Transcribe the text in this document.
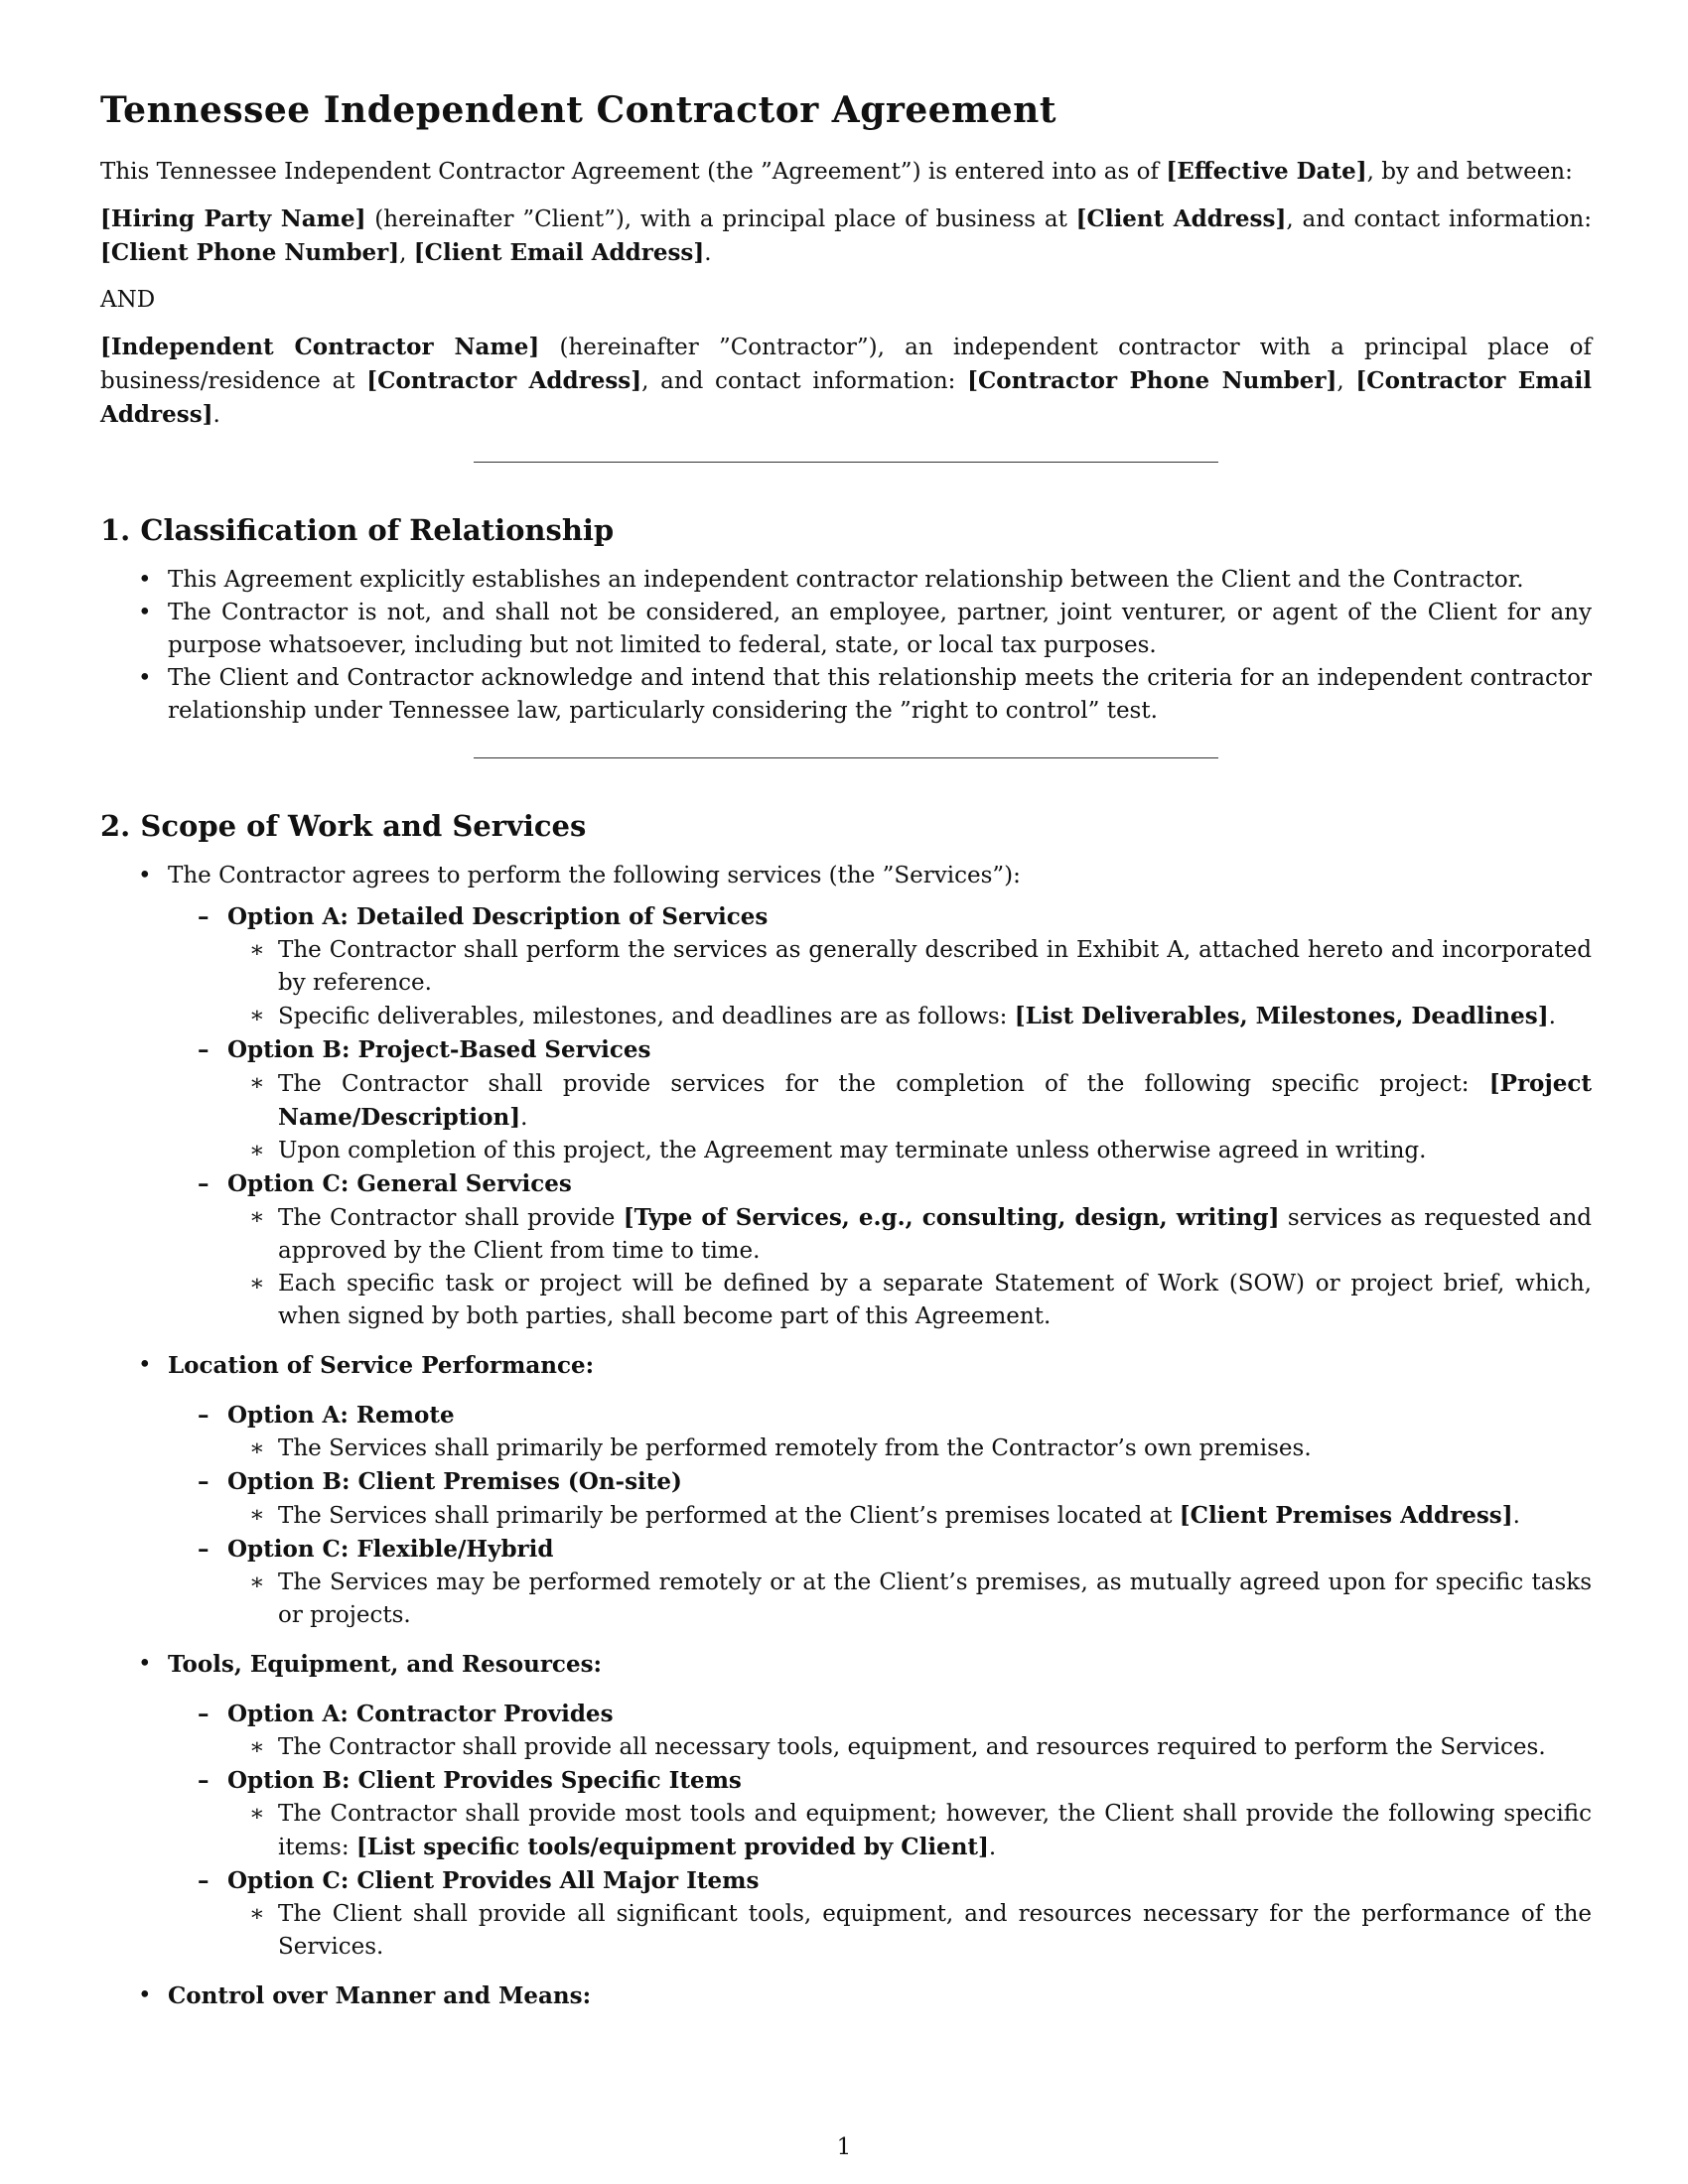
Tennessee Independent Contractor Agreement

This Tennessee Independent Contractor Agreement (the ”Agreement”) is entered into as of [Effective Date], by and between:

[Hiring Party Name] (hereinafter ”Client”), with a principal place of business at [Client Address], and contact information: [Client Phone Number], [Client Email Address].

AND

[Independent Contractor Name] (hereinafter ”Contractor”), an independent contractor with a principal place of business/residence at [Contractor Address], and contact information: [Contractor Phone Number], [Contractor Email Address].

1. Classification of Relationship
• This Agreement explicitly establishes an independent contractor relationship between the Client and the Contractor.
• The Contractor is not, and shall not be considered, an employee, partner, joint venturer, or agent of the Client for any purpose whatsoever, including but not limited to federal, state, or local tax purposes.
• The Client and Contractor acknowledge and intend that this relationship meets the criteria for an independent contractor relationship under Tennessee law, particularly considering the ”right to control” test.
2. Scope of Work and Services
• The Contractor agrees to perform the following services (the ”Services”):
– Option A: Detailed Description of Services
∗ The Contractor shall perform the services as generally described in Exhibit A, attached hereto and incorporated by reference.
∗ Specific deliverables, milestones, and deadlines are as follows: [List Deliverables, Milestones, Deadlines].
– Option B: Project-Based Services
∗ The Contractor shall provide services for the completion of the following specific project: [Project Name/Description].
∗ Upon completion of this project, the Agreement may terminate unless otherwise agreed in writing.
– Option C: General Services
∗ The Contractor shall provide [Type of Services, e.g., consulting, design, writing] services as requested and approved by the Client from time to time.
∗ Each specific task or project will be defined by a separate Statement of Work (SOW) or project brief, which, when signed by both parties, shall become part of this Agreement.
• Location of Service Performance:
– Option A: Remote
∗ The Services shall primarily be performed remotely from the Contractor’s own premises.
– Option B: Client Premises (On-site)
∗ The Services shall primarily be performed at the Client’s premises located at [Client Premises Address].
– Option C: Flexible/Hybrid
∗ The Services may be performed remotely or at the Client’s premises, as mutually agreed upon for specific tasks or projects.
• Tools, Equipment, and Resources:
– Option A: Contractor Provides
∗ The Contractor shall provide all necessary tools, equipment, and resources required to perform the Services.
– Option B: Client Provides Specific Items
∗ The Contractor shall provide most tools and equipment; however, the Client shall provide the following specific items: [List specific tools/equipment provided by Client].
– Option C: Client Provides All Major Items
∗ The Client shall provide all significant tools, equipment, and resources necessary for the performance of the Services.
• Control over Manner and Means:
1
